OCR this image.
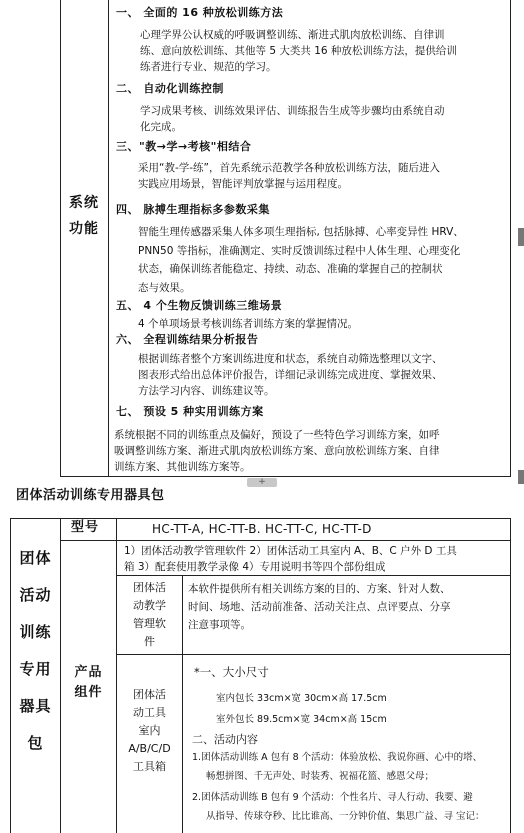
系统
功能
一、 全面的 16 种放松训练方法
心理学界公认权威的呼吸调整训练、渐进式肌肉放松训练、自律训
练、意向放松训练、其他等 5 大类共 16 种放松训练方法，提供给训
练者进行专业、规范的学习。
二、 自动化训练控制
学习成果考核、训练效果评估、训练报告生成等步骤均由系统自动
化完成。
三、"教→学→考核"相结合
采用“教-学-练”，首先系统示范教学各种放松训练方法，随后进入
实践应用场景，智能评判放掌握与运用程度。
四、 脉搏生理指标多参数采集
智能生理传感器采集人体多项生理指标, 包括脉搏、心率变异性 HRV、
PNN50 等指标，准确测定、实时反馈训练过程中人体生理、心理变化
状态，确保训练者能稳定、持续、动态、准确的掌握自己的控制状
态与效果。
五、 4 个生物反馈训练三维场景
4 个单项场景考核训练者训练方案的掌握情况。
六、 全程训练结果分析报告
根据训练者整个方案训练进度和状态，系统自动筛选整理以文字、
图表形式给出总体评价报告，详细记录训练完成进度、掌握效果、
方法学习内容、训练建议等。
七、 预设 5 种实用训练方案
系统根据不同的训练重点及偏好，预设了一些特色学习训练方案，如呼
吸调整训练方案、渐进式肌肉放松训练方案、意向放松训练方案、自律
训练方案、其他训练方案等。
+
团体活动训练专用器具包
团体
活动
训练
专用
器具
包
型号	HC-TT-A, HC-TT-B. HC-TT-C, HC-TT-D
产品
组件
1）团体活动教学管理软件 2）团体活动工具室内 A、B、C 户外 D 工具
箱 3）配套使用教学录像 4）专用说明书等四个部份组成
团体活
动教学
管理软
件
本软件提供所有相关训练方案的目的、方案、针对人数、
时间、场地、活动前准备、活动关注点、点评要点、分享
注意事项等。
团体活
动工具
室内
A/B/C/D
工具箱
*一、大小尺寸
室内包长 33cm×宽 30cm×高 17.5cm
室外包长 89.5cm×宽 34cm×高 15cm
二、活动内容
1.团体活动训练 A 包有 8 个活动：体验放松、我说你画、心中的塔、
畅想拼图、千无声处、时装秀、祝福花篮、感恩父母；
2.团体活动训练 B 包有 9 个活动：个性名片、寻人行动、我要、避
从指导、传球夺秒、比比谁高、一分钟价值、集思广益、寻 宝记：
